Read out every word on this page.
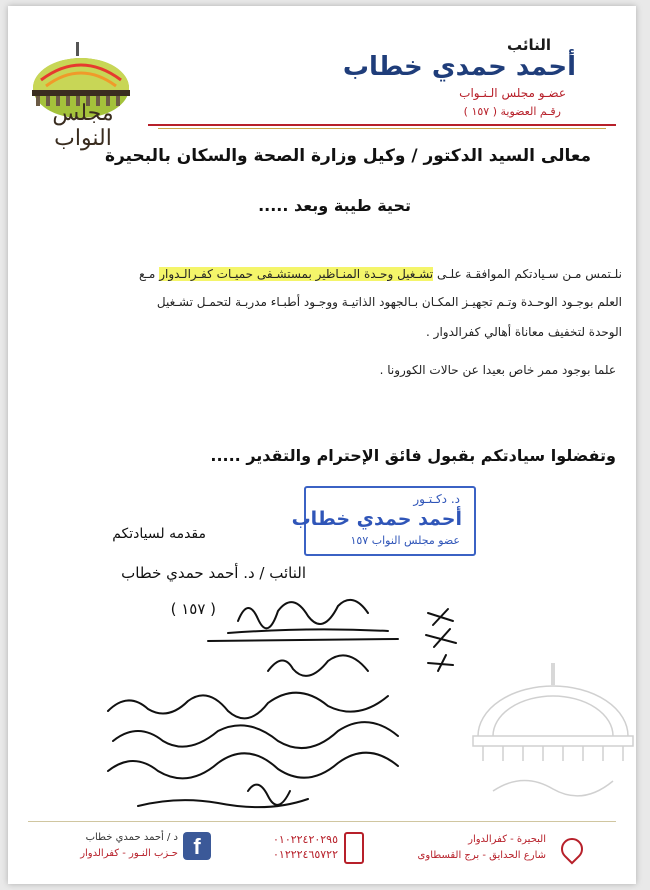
النائب
أحمد حمدي خطاب
عضـو مجلس الـنـواب
رقـم العضوية ( ١٥٧ )
مجلس النواب
معالى السيد الدكتور / وكيل وزارة الصحة والسكان بالبحيرة
تحية طيبة وبعد .....
نلـتمس مـن سـيادتكم الموافقـة علـى تشـغيل وحـدة المنـاظير بمستشـفى حميـات كفـرالـدوار مـع
العلم بوجـود الوحـدة وتـم تجهيـز المكـان بـالجهود الذاتيـة ووجـود أطبـاء مدربـة لتحمـل تشـغيل
الوحدة لتخفيف معاناة أهالي كفرالدوار .
علما بوجود ممر خاص بعيدا عن حالات الكورونا .
وتفضلوا سيادتكم بقبول فائق الإحترام والتقدير .....
د. دكـتـور
أحمد حمدي خطاب
عضو مجلس النواب ١٥٧
مقدمه لسيادتكم
النائب / د. أحمد حمدي خطاب
( ١٥٧ )
f
د / أحمد حمدي خطاب
حـزب النـور - كفرالدوار
٠١٠٢٢٤٢٠٢٩٥
٠١٢٢٢٤٦٥٧٢٢
البحيرة - كفرالدوار
شارع الحدايق - برج القسطاوى
